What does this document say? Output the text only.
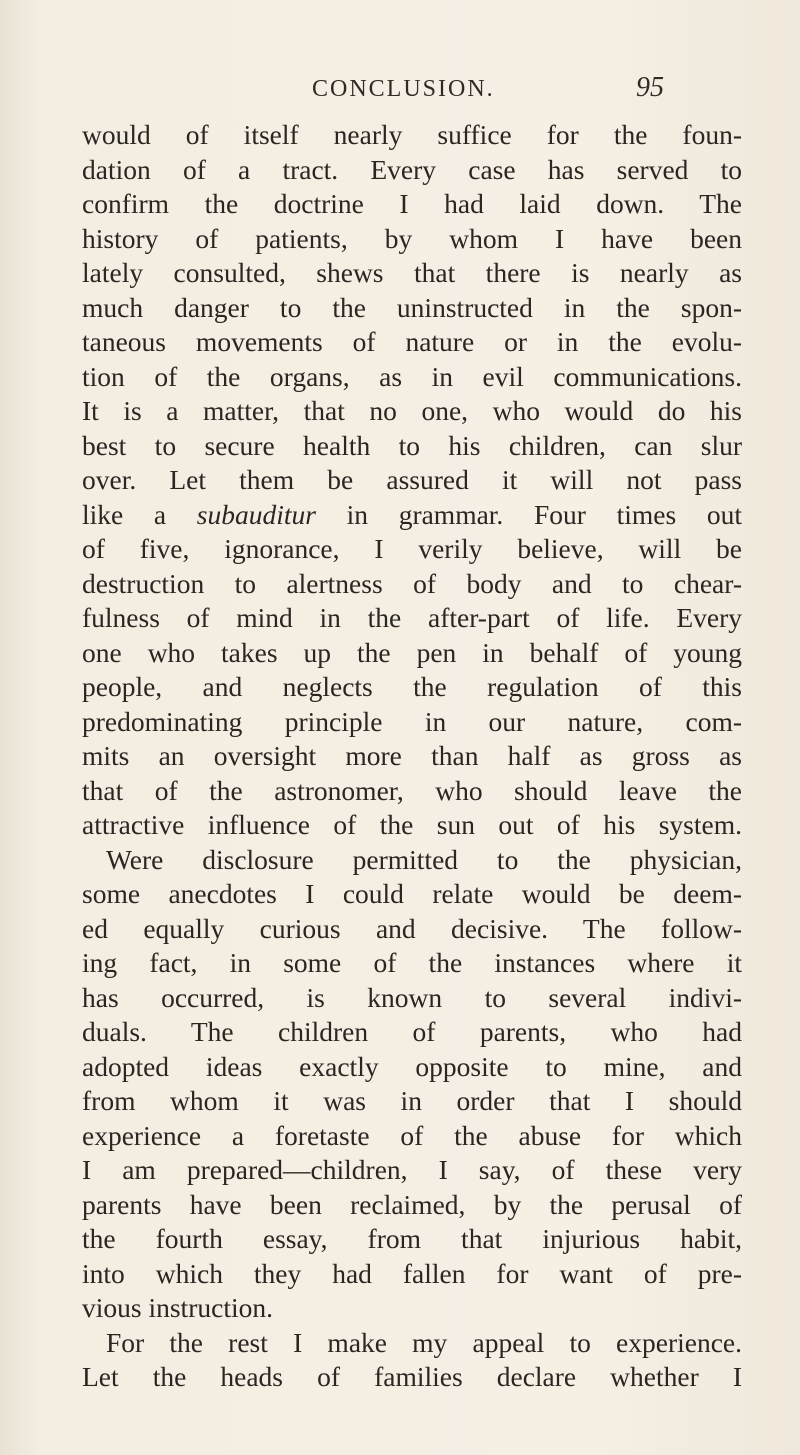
CONCLUSION.	95
would of itself nearly suffice for the foun-
dation of a tract. Every case has served to
confirm the doctrine I had laid down. The
history of patients, by whom I have been
lately consulted, shews that there is nearly as
much danger to the uninstructed in the spon-
taneous movements of nature or in the evolu-
tion of the organs, as in evil communications.
It is a matter, that no one, who would do his
best to secure health to his children, can slur
over. Let them be assured it will not pass
like a subauditur in grammar. Four times out
of five, ignorance, I verily believe, will be
destruction to alertness of body and to chear-
fulness of mind in the after-part of life. Every
one who takes up the pen in behalf of young
people, and neglects the regulation of this
predominating principle in our nature, com-
mits an oversight more than half as gross as
that of the astronomer, who should leave the
attractive influence of the sun out of his system.
Were disclosure permitted to the physician,
some anecdotes I could relate would be deem-
ed equally curious and decisive. The follow-
ing fact, in some of the instances where it
has occurred, is known to several indivi-
duals. The children of parents, who had
adopted ideas exactly opposite to mine, and
from whom it was in order that I should
experience a foretaste of the abuse for which
I am prepared—children, I say, of these very
parents have been reclaimed, by the perusal of
the fourth essay, from that injurious habit,
into which they had fallen for want of pre-
vious instruction.
For the rest I make my appeal to experience.
Let the heads of families declare whether I
